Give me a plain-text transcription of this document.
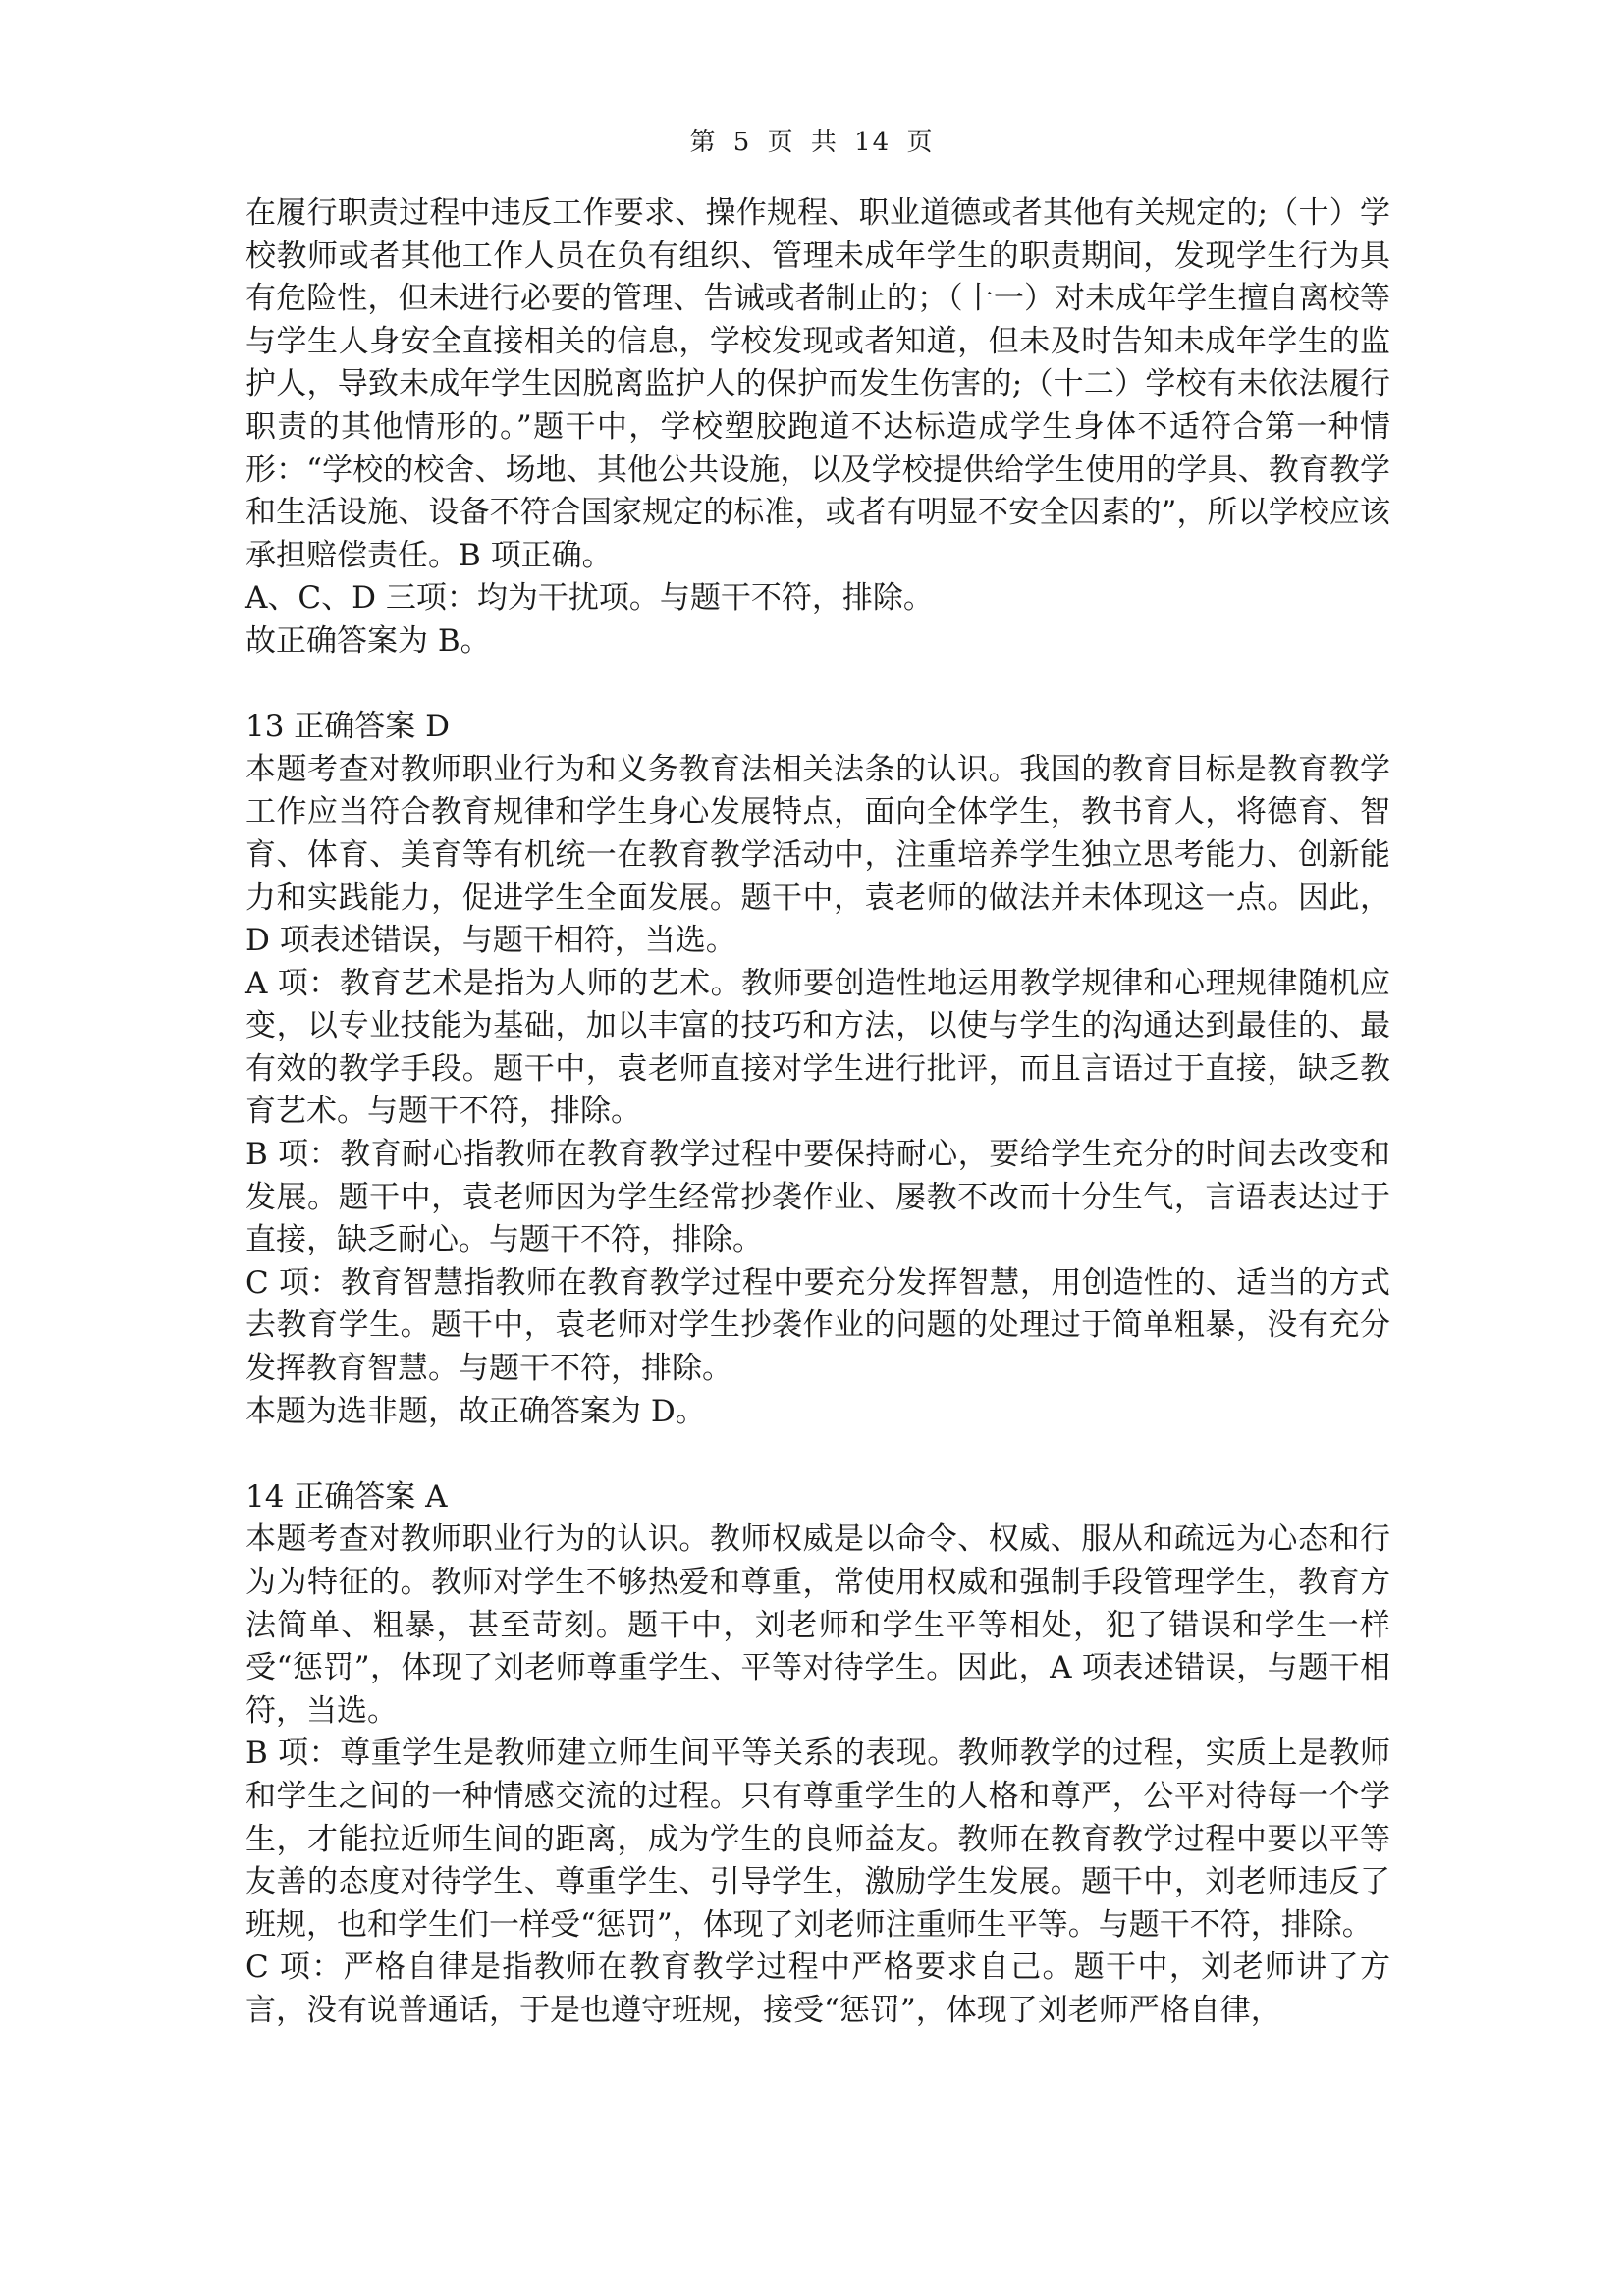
第 5 页 共 14 页

在履行职责过程中违反工作要求、操作规程、职业道德或者其他有关规定的;（十）学校教师或者其他工作人员在负有组织、管理未成年学生的职责期间，发现学生行为具有危险性，但未进行必要的管理、告诫或者制止的；（十一）对未成年学生擅自离校等与学生人身安全直接相关的信息，学校发现或者知道，但未及时告知未成年学生的监护人，导致未成年学生因脱离监护人的保护而发生伤害的;（十二）学校有未依法履行职责的其他情形的。”题干中，学校塑胶跑道不达标造成学生身体不适符合第一种情形：“学校的校舍、场地、其他公共设施，以及学校提供给学生使用的学具、教育教学和生活设施、设备不符合国家规定的标准，或者有明显不安全因素的”，所以学校应该承担赔偿责任。B 项正确。

A、C、D 三项：均为干扰项。与题干不符，排除。

故正确答案为 B。

13 正确答案 D

本题考查对教师职业行为和义务教育法相关法条的认识。我国的教育目标是教育教学工作应当符合教育规律和学生身心发展特点，面向全体学生，教书育人，将德育、智育、体育、美育等有机统一在教育教学活动中，注重培养学生独立思考能力、创新能力和实践能力，促进学生全面发展。题干中，袁老师的做法并未体现这一点。因此，D 项表述错误，与题干相符，当选。

A 项：教育艺术是指为人师的艺术。教师要创造性地运用教学规律和心理规律随机应变，以专业技能为基础，加以丰富的技巧和方法，以使与学生的沟通达到最佳的、最有效的教学手段。题干中，袁老师直接对学生进行批评，而且言语过于直接，缺乏教育艺术。与题干不符，排除。

B 项：教育耐心指教师在教育教学过程中要保持耐心，要给学生充分的时间去改变和发展。题干中，袁老师因为学生经常抄袭作业、屡教不改而十分生气，言语表达过于直接，缺乏耐心。与题干不符，排除。

C 项：教育智慧指教师在教育教学过程中要充分发挥智慧，用创造性的、适当的方式去教育学生。题干中，袁老师对学生抄袭作业的问题的处理过于简单粗暴，没有充分发挥教育智慧。与题干不符，排除。

本题为选非题，故正确答案为 D。

14 正确答案 A

本题考查对教师职业行为的认识。教师权威是以命令、权威、服从和疏远为心态和行为为特征的。教师对学生不够热爱和尊重，常使用权威和强制手段管理学生，教育方法简单、粗暴，甚至苛刻。题干中，刘老师和学生平等相处，犯了错误和学生一样受“惩罚”，体现了刘老师尊重学生、平等对待学生。因此，A 项表述错误，与题干相符，当选。

B 项：尊重学生是教师建立师生间平等关系的表现。教师教学的过程，实质上是教师和学生之间的一种情感交流的过程。只有尊重学生的人格和尊严，公平对待每一个学生，才能拉近师生间的距离，成为学生的良师益友。教师在教育教学过程中要以平等友善的态度对待学生、尊重学生、引导学生，激励学生发展。题干中，刘老师违反了班规，也和学生们一样受“惩罚”，体现了刘老师注重师生平等。与题干不符，排除。

C 项：严格自律是指教师在教育教学过程中严格要求自己。题干中，刘老师讲了方言，没有说普通话，于是也遵守班规，接受“惩罚”，体现了刘老师严格自律，
